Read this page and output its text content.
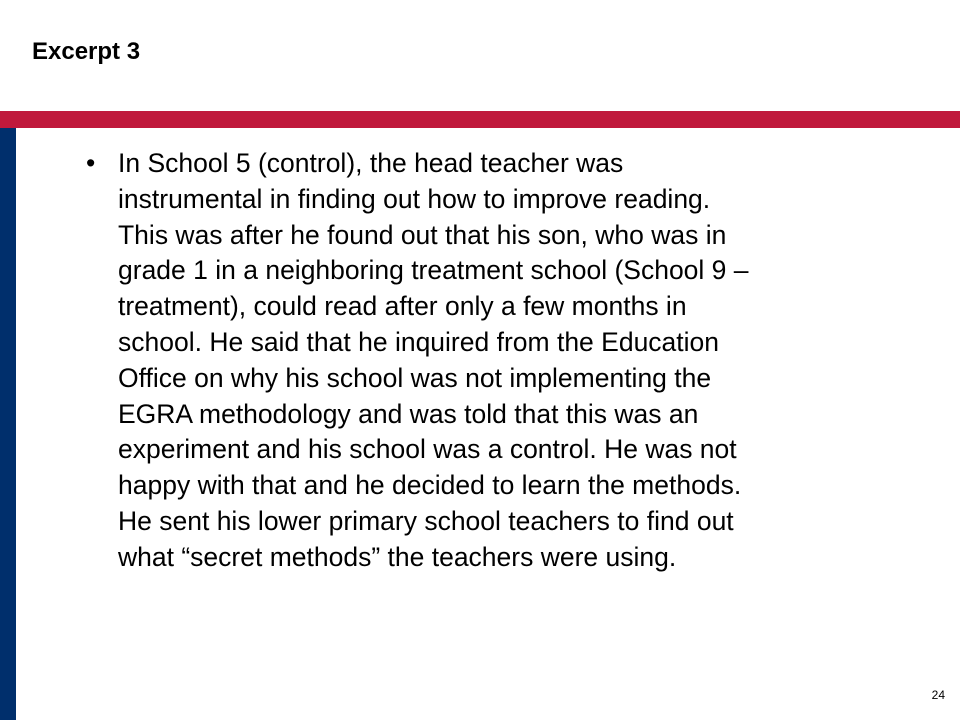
Excerpt 3
• In School 5 (control), the head teacher was
instrumental in finding out how to improve reading.
This was after he found out that his son, who was in
grade 1 in a neighboring treatment school (School 9 –
treatment), could read after only a few months in
school. He said that he inquired from the Education
Office on why his school was not implementing the
EGRA methodology and was told that this was an
experiment and his school was a control. He was not
happy with that and he decided to learn the methods.
He sent his lower primary school teachers to find out
what “secret methods” the teachers were using.
24
